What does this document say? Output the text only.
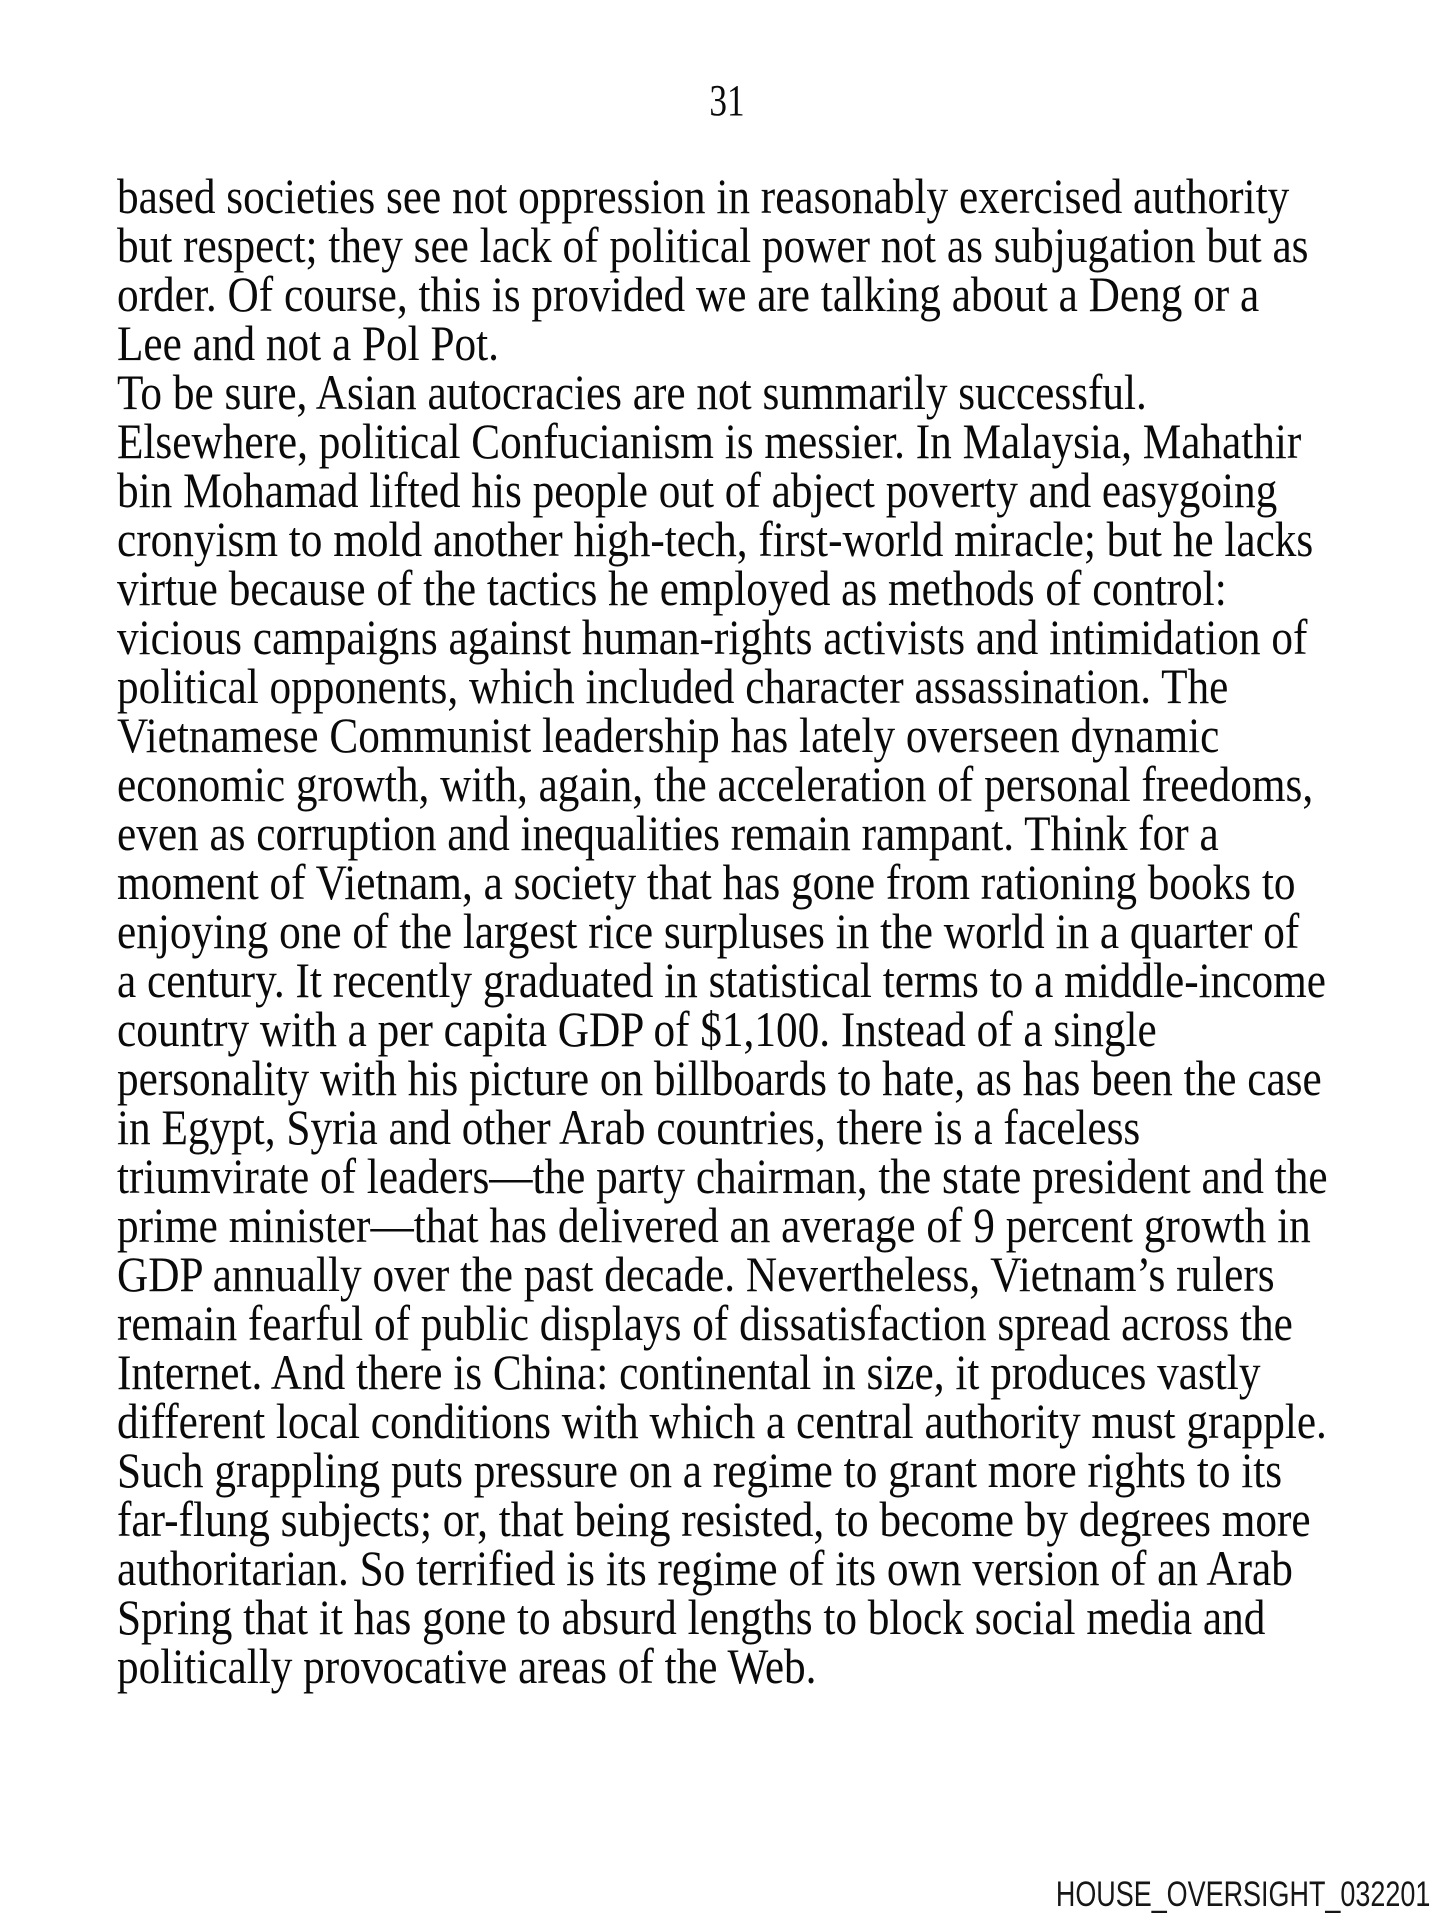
31
based societies see not oppression in reasonably exercised authority
but respect; they see lack of political power not as subjugation but as
order. Of course, this is provided we are talking about a Deng or a
Lee and not a Pol Pot.
To be sure, Asian autocracies are not summarily successful.
Elsewhere, political Confucianism is messier. In Malaysia, Mahathir
bin Mohamad lifted his people out of abject poverty and easygoing
cronyism to mold another high-tech, first-world miracle; but he lacks
virtue because of the tactics he employed as methods of control:
vicious campaigns against human-rights activists and intimidation of
political opponents, which included character assassination. The
Vietnamese Communist leadership has lately overseen dynamic
economic growth, with, again, the acceleration of personal freedoms,
even as corruption and inequalities remain rampant. Think for a
moment of Vietnam, a society that has gone from rationing books to
enjoying one of the largest rice surpluses in the world in a quarter of
a century. It recently graduated in statistical terms to a middle-income
country with a per capita GDP of $1,100. Instead of a single
personality with his picture on billboards to hate, as has been the case
in Egypt, Syria and other Arab countries, there is a faceless
triumvirate of leaders—the party chairman, the state president and the
prime minister—that has delivered an average of 9 percent growth in
GDP annually over the past decade. Nevertheless, Vietnam’s rulers
remain fearful of public displays of dissatisfaction spread across the
Internet. And there is China: continental in size, it produces vastly
different local conditions with which a central authority must grapple.
Such grappling puts pressure on a regime to grant more rights to its
far-flung subjects; or, that being resisted, to become by degrees more
authoritarian. So terrified is its regime of its own version of an Arab
Spring that it has gone to absurd lengths to block social media and
politically provocative areas of the Web.
HOUSE_OVERSIGHT_032201
